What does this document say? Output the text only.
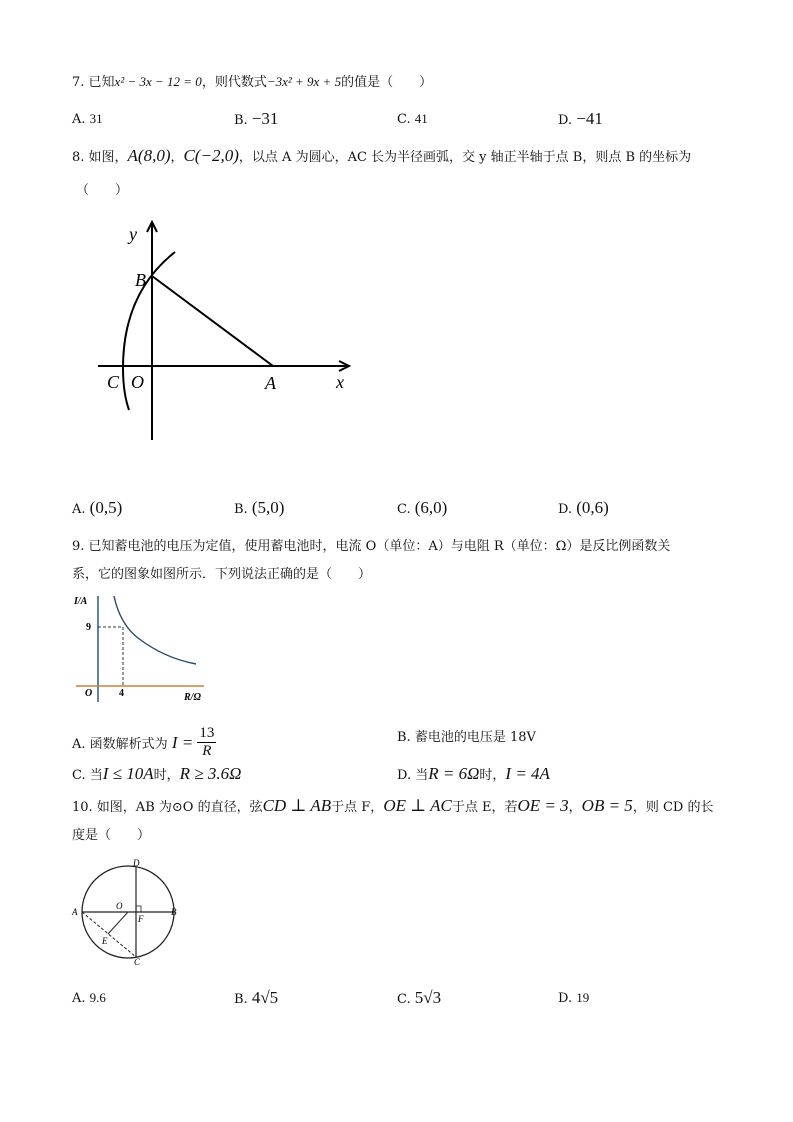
7. 已知x² − 3x − 12 = 0，则代数式−3x² + 9x + 5的值是（　　）
A. 31	B. −31	C. 41	D. −41
8. 如图，A(8,0)，C(−2,0)，以点 A 为圆心，AC 长为半径画弧，交 y 轴正半轴于点 B，则点 B 的坐标为
（　　）
y
B
C O	A	x
A. (0,5)	B. (5,0)	C. (6,0)	D. (0,6)
9. 已知蓄电池的电压为定值，使用蓄电池时，电流 O（单位：A）与电阻 R（单位：Ω）是反比例函数关
系，它的图象如图所示．下列说法正确的是（　　）
I/A
9
O	4	R/Ω
A. 函数解析式为 $I = \frac{13}{R}$	B. 蓄电池的电压是 18V
C. 当I ≤ 10A时，R ≥ 3.6Ω	D. 当R = 6Ω时，I = 4A
10. 如图，AB 为⊙O 的直径，弦CD ⊥ AB于点 F，OE ⊥ AC于点 E，若OE = 3，OB = 5，则 CD 的长
度是（　　）
D
A
O
F
B
E
C
A. 9.6	B. 4√5	C. 5√3	D. 19
